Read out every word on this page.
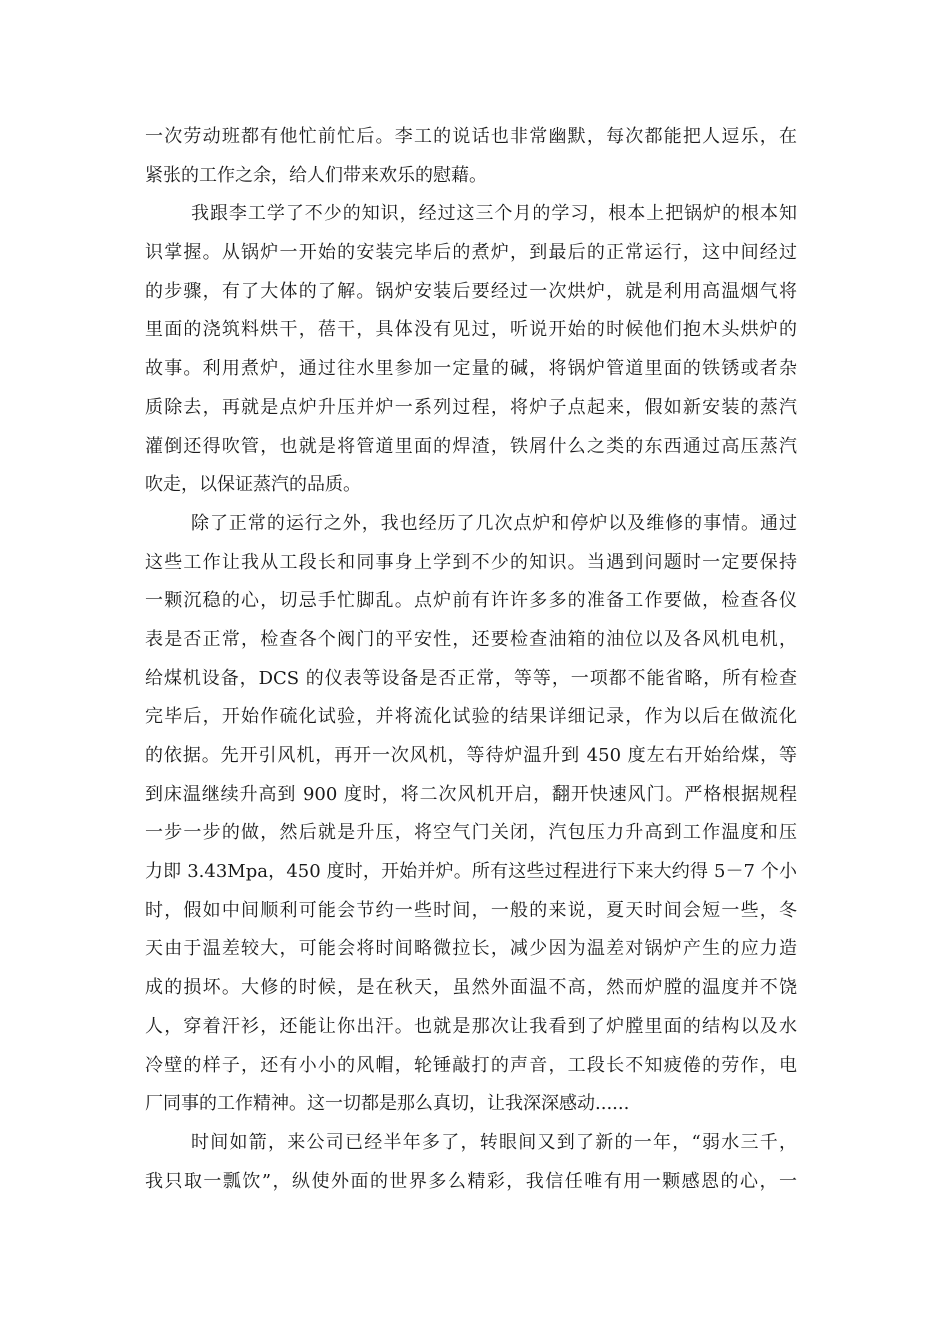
一次劳动班都有他忙前忙后。李工的说话也非常幽默，每次都能把人逗乐，在
紧张的工作之余，给人们带来欢乐的慰藉。
我跟李工学了不少的知识，经过这三个月的学习，根本上把锅炉的根本知
识掌握。从锅炉一开始的安装完毕后的煮炉，到最后的正常运行，这中间经过
的步骤，有了大体的了解。锅炉安装后要经过一次烘炉，就是利用高温烟气将
里面的浇筑料烘干，蓓干，具体没有见过，听说开始的时候他们抱木头烘炉的
故事。利用煮炉，通过往水里参加一定量的碱，将锅炉管道里面的铁锈或者杂
质除去，再就是点炉升压并炉一系列过程，将炉子点起来，假如新安装的蒸汽
灌倒还得吹管，也就是将管道里面的焊渣，铁屑什么之类的东西通过高压蒸汽
吹走，以保证蒸汽的品质。
除了正常的运行之外，我也经历了几次点炉和停炉以及维修的事情。通过
这些工作让我从工段长和同事身上学到不少的知识。当遇到问题时一定要保持
一颗沉稳的心，切忌手忙脚乱。点炉前有许许多多的准备工作要做，检查各仪
表是否正常，检查各个阀门的平安性，还要检查油箱的油位以及各风机电机，
给煤机设备，DCS 的仪表等设备是否正常，等等，一项都不能省略，所有检查
完毕后，开始作硫化试验，并将流化试验的结果详细记录，作为以后在做流化
的依据。先开引风机，再开一次风机，等待炉温升到 450 度左右开始给煤，等
到床温继续升高到 900 度时，将二次风机开启，翻开快速风门。严格根据规程
一步一步的做，然后就是升压，将空气门关闭，汽包压力升高到工作温度和压
力即 3.43Mpa，450 度时，开始并炉。所有这些过程进行下来大约得 5－7 个小
时，假如中间顺利可能会节约一些时间，一般的来说，夏天时间会短一些，冬
天由于温差较大，可能会将时间略微拉长，减少因为温差对锅炉产生的应力造
成的损坏。大修的时候，是在秋天，虽然外面温不高，然而炉膛的温度并不饶
人，穿着汗衫，还能让你出汗。也就是那次让我看到了炉膛里面的结构以及水
冷壁的样子，还有小小的风帽，轮锤敲打的声音，工段长不知疲倦的劳作，电
厂同事的工作精神。这一切都是那么真切，让我深深感动......
时间如箭，来公司已经半年多了，转眼间又到了新的一年，“弱水三千，
我只取一瓢饮”，纵使外面的世界多么精彩，我信任唯有用一颗感恩的心，一
